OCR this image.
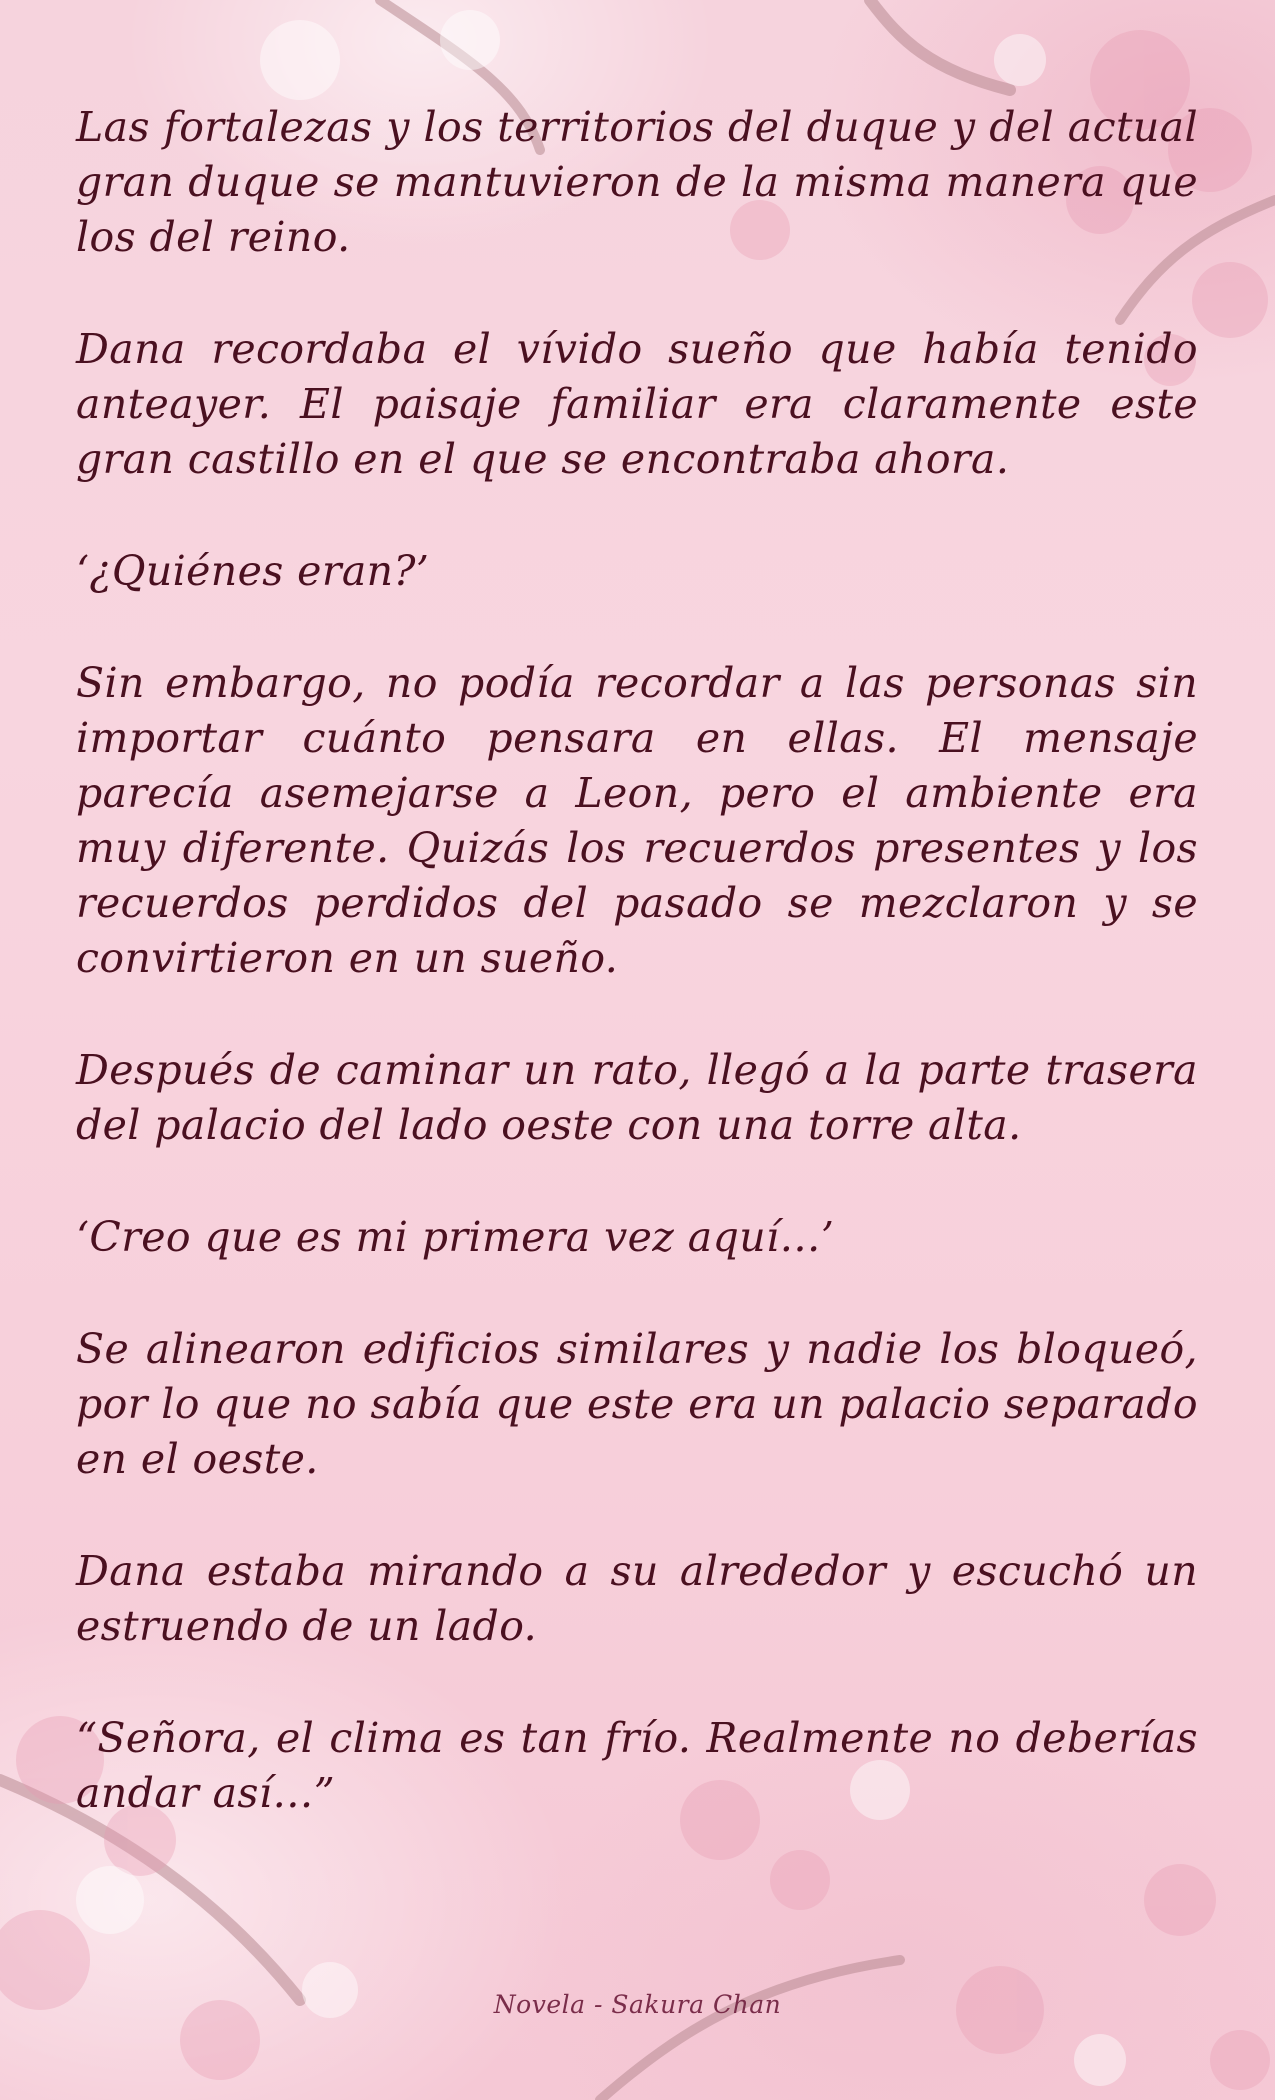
Las fortalezas y los territorios del duque y del actual gran duque se mantuvieron de la misma manera que los del reino.

Dana recordaba el vívido sueño que había tenido anteayer. El paisaje familiar era claramente este gran castillo en el que se encontraba ahora.

‘¿Quiénes eran?’

Sin embargo, no podía recordar a las personas sin importar cuánto pensara en ellas. El mensaje parecía asemejarse a Leon, pero el ambiente era muy diferente. Quizás los recuerdos presentes y los recuerdos perdidos del pasado se mezclaron y se convirtieron en un sueño.

Después de caminar un rato, llegó a la parte trasera del palacio del lado oeste con una torre alta.

‘Creo que es mi primera vez aquí…’

Se alinearon edificios similares y nadie los bloqueó, por lo que no sabía que este era un palacio separado en el oeste.

Dana estaba mirando a su alrededor y escuchó un estruendo de un lado.

“Señora, el clima es tan frío. Realmente no deberías andar así…”

Novela - Sakura Chan
